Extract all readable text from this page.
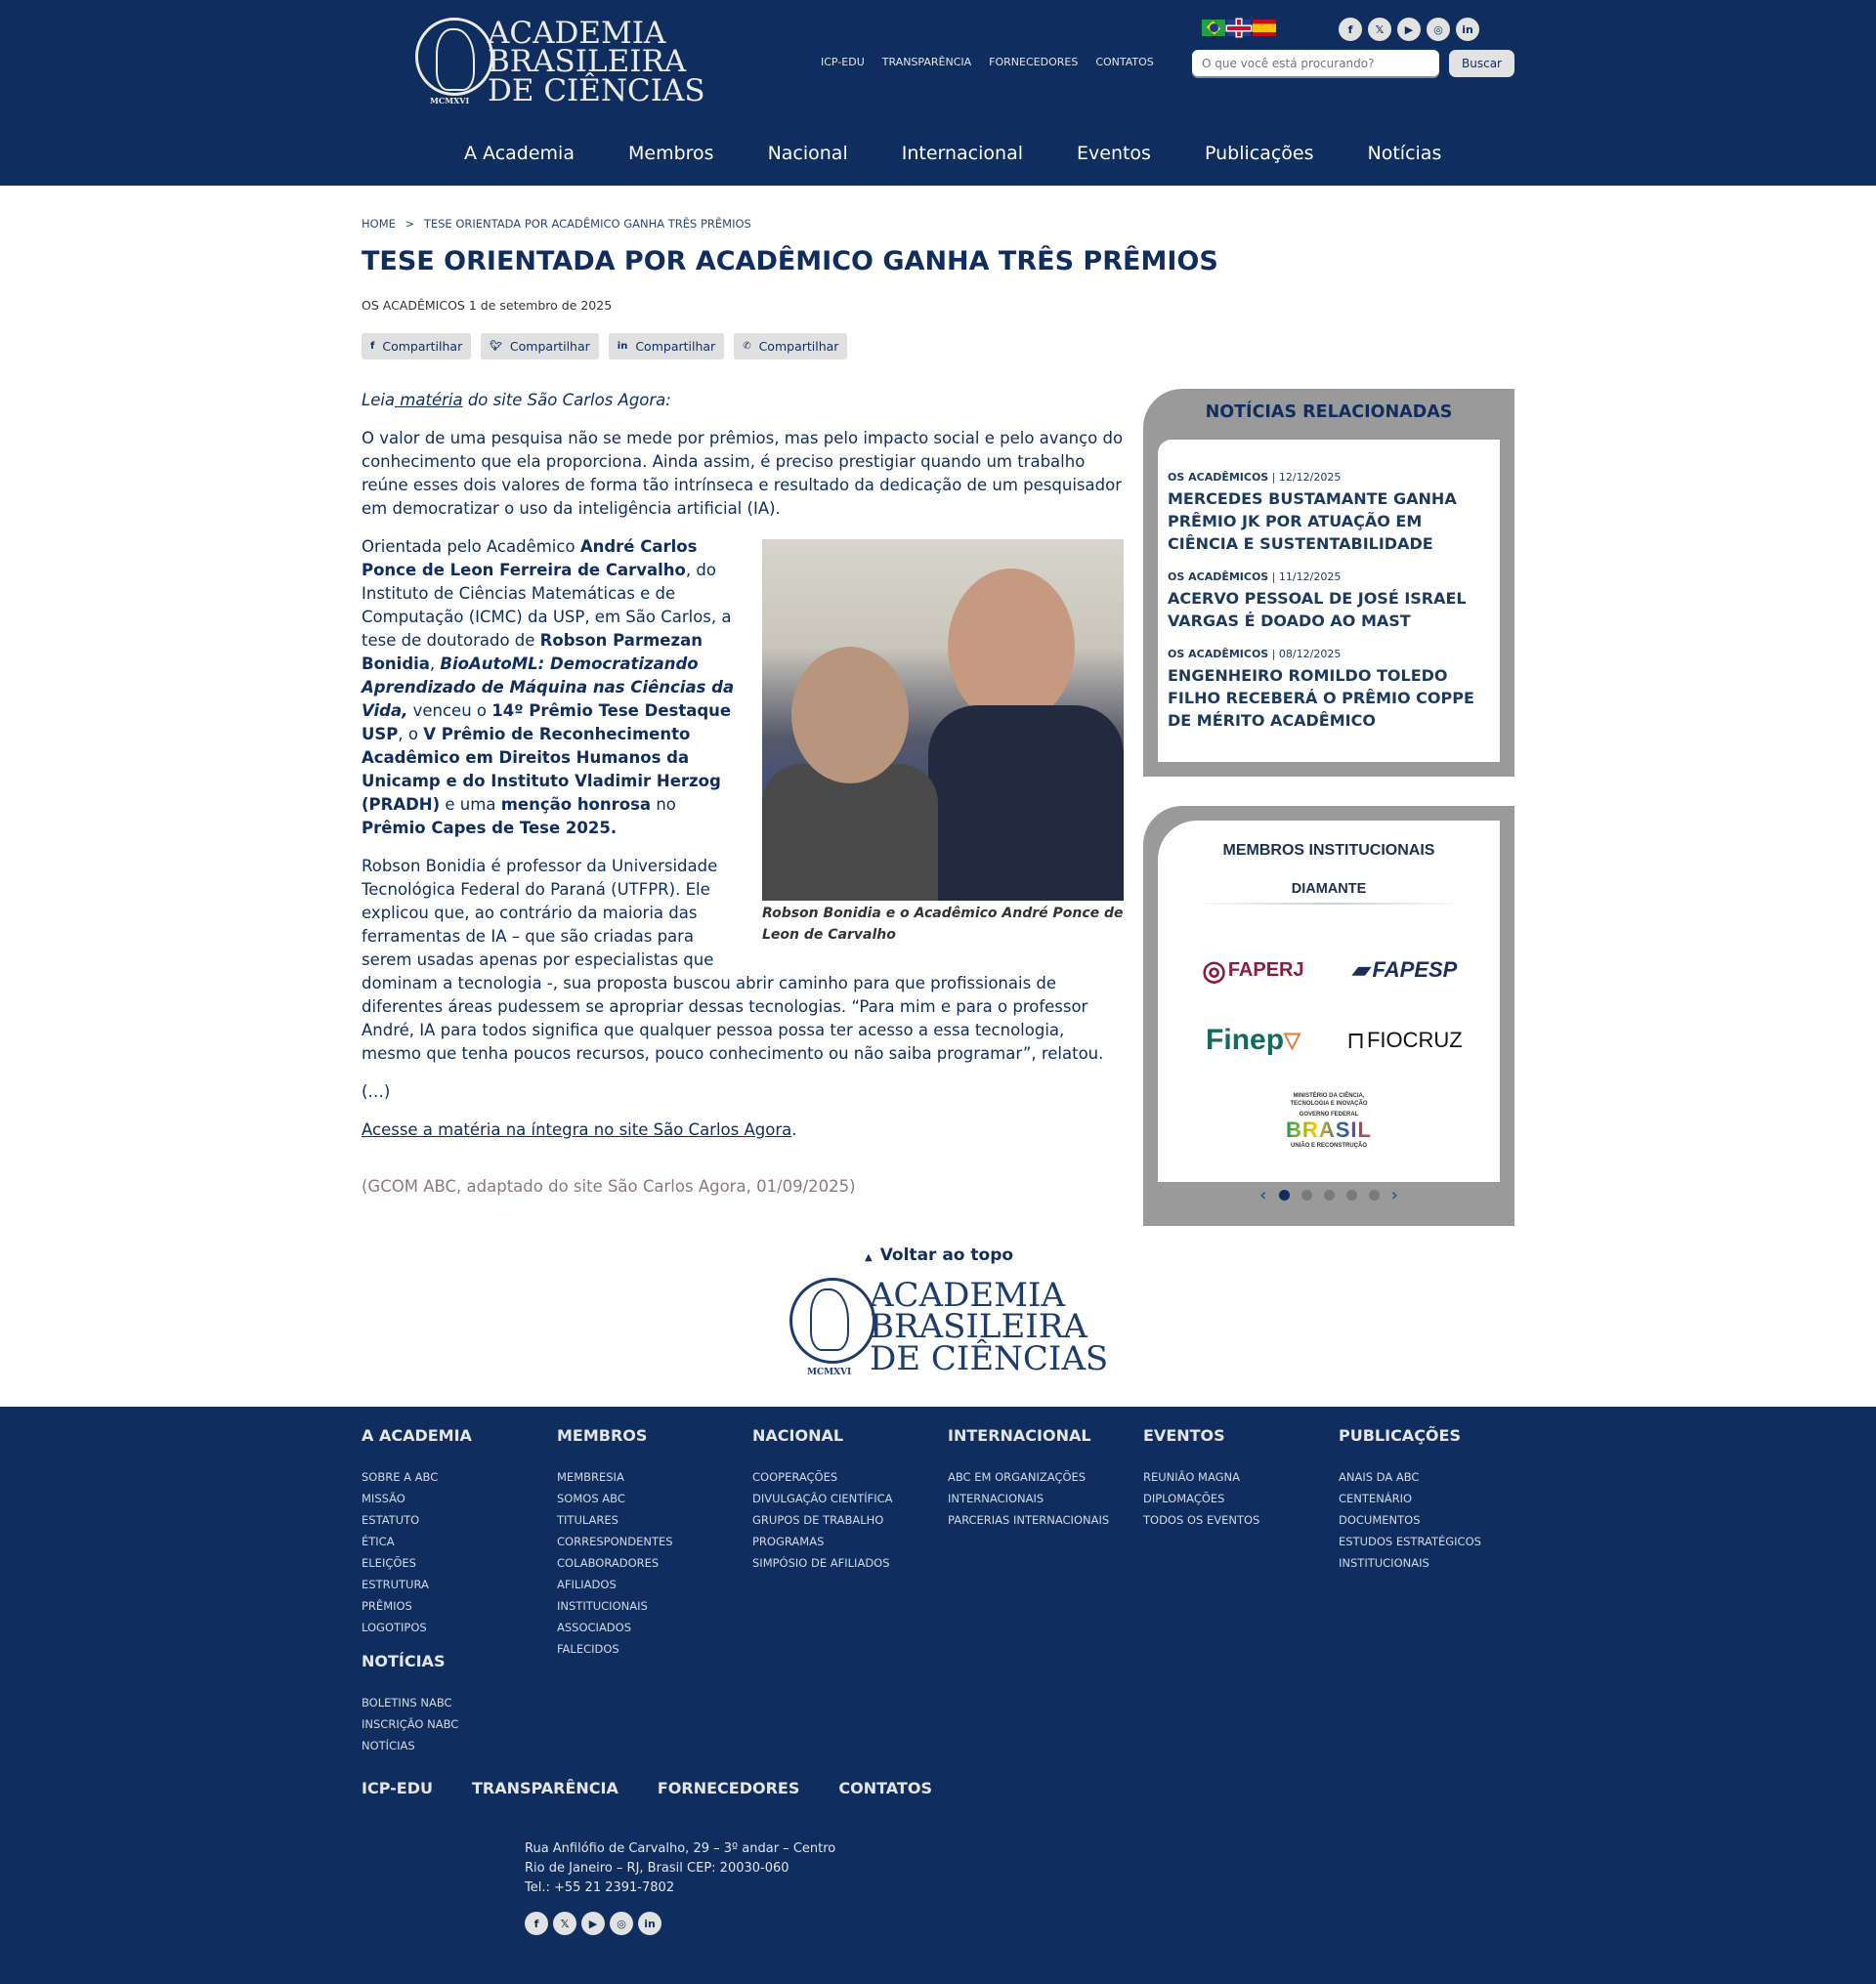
ACADEMIA
BRASILEIRA
DE CIÊNCIAS
MCMXVI
ICP-EDU TRANSPARÊNCIA FORNECEDORES CONTATOS
f	𝕏	▶	◎	in
O que você está procurando?
Buscar
A Academia	Membros	Nacional	Internacional	Eventos	Publicações	Notícias
HOME > TESE ORIENTADA POR ACADÊMICO GANHA TRÊS PRÊMIOS
TESE ORIENTADA POR ACADÊMICO GANHA TRÊS PRÊMIOS
OS ACADÊMICOS 1 de setembro de 2025
f Compartilhar	🐦︎ Compartilhar	in Compartilhar	✆ Compartilhar

Leia matéria do site São Carlos Agora:

O valor de uma pesquisa não se mede por prêmios, mas pelo impacto social e pelo avanço do conhecimento que ela proporciona. Ainda assim, é preciso prestigiar quando um trabalho reúne esses dois valores de forma tão intrínseca e resultado da dedicação de um pesquisador em democratizar o uso da inteligência artificial (IA).

Robson Bonidia e o Acadêmico André Ponce de Leon de Carvalho

Orientada pelo Acadêmico André Carlos Ponce de Leon Ferreira de Carvalho, do Instituto de Ciências Matemáticas e de Computação (ICMC) da USP, em São Carlos, a tese de doutorado de Robson Parmezan Bonidia, BioAutoML: Democratizando Aprendizado de Máquina nas Ciências da Vida, venceu o 14º Prêmio Tese Destaque USP, o V Prêmio de Reconhecimento Acadêmico em Direitos Humanos da Unicamp e do Instituto Vladimir Herzog (PRADH) e uma menção honrosa no Prêmio Capes de Tese 2025.

Robson Bonidia é professor da Universidade Tecnológica Federal do Paraná (UTFPR). Ele explicou que, ao contrário da maioria das ferramentas de IA – que são criadas para serem usadas apenas por especialistas que dominam a tecnologia -, sua proposta buscou abrir caminho para que profissionais de diferentes áreas pudessem se apropriar dessas tecnologias. “Para mim e para o professor André, IA para todos significa que qualquer pessoa possa ter acesso a essa tecnologia, mesmo que tenha poucos recursos, pouco conhecimento ou não saiba programar”, relatou.

(…)

Acesse a matéria na íntegra no site São Carlos Agora.

(GCOM ABC, adaptado do site São Carlos Agora, 01/09/2025)

NOTÍCIAS RELACIONADAS
OS ACADÊMICOS | 12/12/2025
MERCEDES BUSTAMANTE GANHA PRÊMIO JK POR ATUAÇÃO EM CIÊNCIA E SUSTENTABILIDADE
OS ACADÊMICOS | 11/12/2025
ACERVO PESSOAL DE JOSÉ ISRAEL VARGAS É DOADO AO MAST
OS ACADÊMICOS | 08/12/2025
ENGENHEIRO ROMILDO TOLEDO FILHO RECEBERÁ O PRÊMIO COPPE DE MÉRITO ACADÊMICO
MEMBROS INSTITUCIONAIS
DIAMANTE
◎ FAPERJ ▰ FAPESP
Finep ▽ ⊓ FIOCRUZ
MINISTÉRIO DA CIÊNCIA, TECNOLOGIA E INOVAÇÃO
GOVERNO FEDERAL
BRASIL
UNIÃO E RECONSTRUÇÃO
‹	›
▲ Voltar ao topo
ACADEMIA
BRASILEIRA
DE CIÊNCIAS
MCMXVI
A ACADEMIA
SOBRE A ABC
MISSÃO
ESTATUTO
ÉTICA
ELEIÇÕES
ESTRUTURA
PRÊMIOS
LOGOTIPOS
MEMBROS
MEMBRESIA
SOMOS ABC
TITULARES
CORRESPONDENTES
COLABORADORES
AFILIADOS
INSTITUCIONAIS
ASSOCIADOS
FALECIDOS
NACIONAL
COOPERAÇÕES
DIVULGAÇÃO CIENTÍFICA
GRUPOS DE TRABALHO
PROGRAMAS
SIMPÓSIO DE AFILIADOS
INTERNACIONAL
ABC EM ORGANIZAÇÕES INTERNACIONAIS
PARCERIAS INTERNACIONAIS
EVENTOS
REUNIÃO MAGNA
DIPLOMAÇÕES
TODOS OS EVENTOS
PUBLICAÇÕES
ANAIS DA ABC
CENTENÁRIO
DOCUMENTOS
ESTUDOS ESTRATÉGICOS
INSTITUCIONAIS
NOTÍCIAS
BOLETINS NABC
INSCRIÇÃO NABC
NOTÍCIAS
ICP-EDU	TRANSPARÊNCIA	FORNECEDORES	CONTATOS
Rua Anfilófio de Carvalho, 29 – 3º andar – Centro
Rio de Janeiro – RJ, Brasil CEP: 20030-060
Tel.: +55 21 2391-7802
f	𝕏	▶	◎	in
